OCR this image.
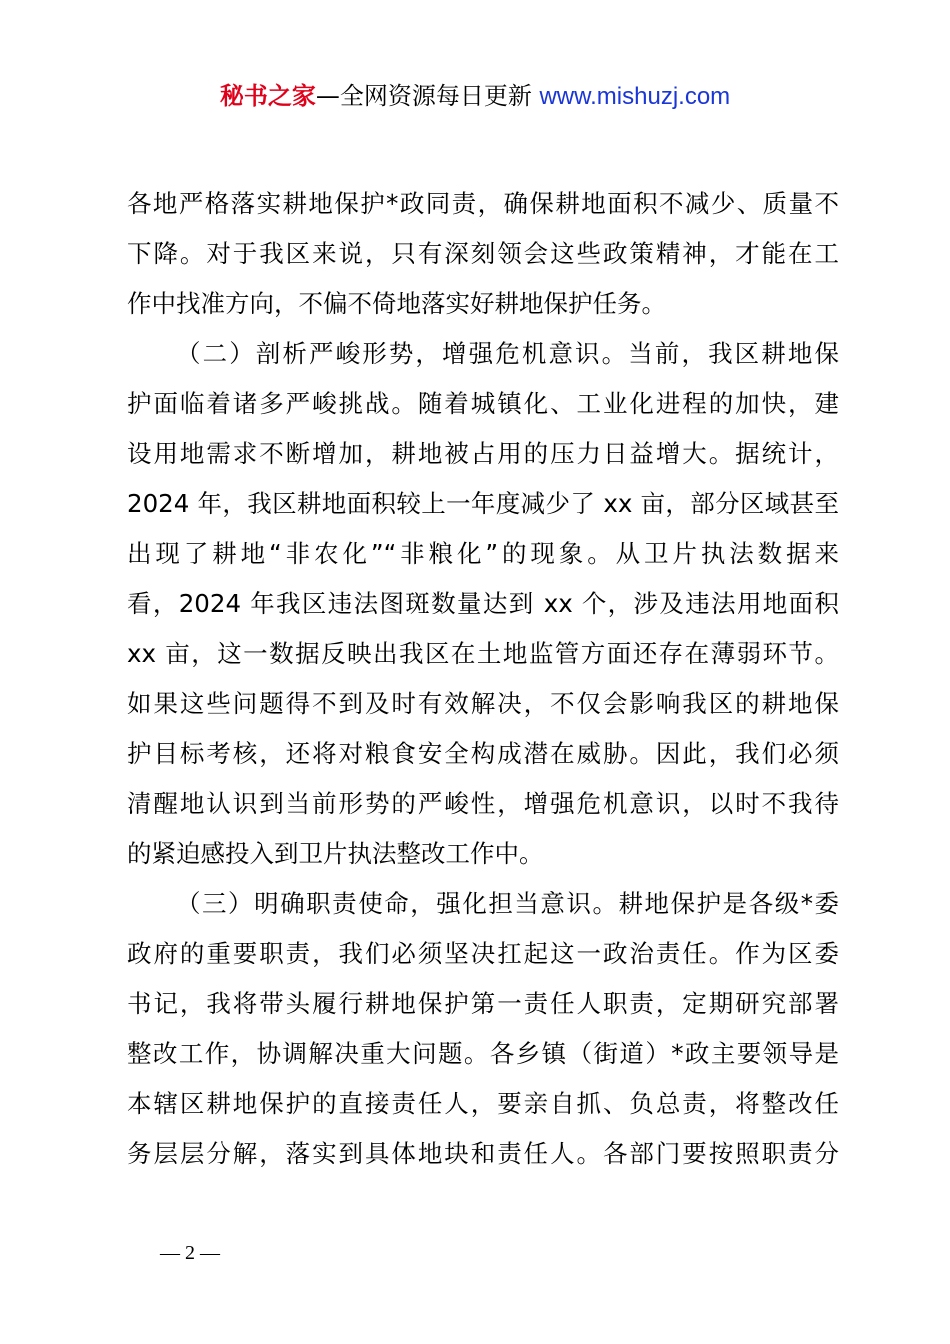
秘书之家—全网资源每日更新 www.mishuzj.com
各地严格落实耕地保护*政同责，确保耕地面积不减少、质量不
下降。对于我区来说，只有深刻领会这些政策精神，才能在工
作中找准方向，不偏不倚地落实好耕地保护任务。
（二）剖析严峻形势，增强危机意识。当前，我区耕地保
护面临着诸多严峻挑战。随着城镇化、工业化进程的加快，建
设用地需求不断增加，耕地被占用的压力日益增大。据统计，
2024 年，我区耕地面积较上一年度减少了 xx 亩，部分区域甚至
出现了耕地“非农化”“非粮化”的现象。从卫片执法数据来
看，2024 年我区违法图斑数量达到 xx 个，涉及违法用地面积
xx 亩，这一数据反映出我区在土地监管方面还存在薄弱环节。
如果这些问题得不到及时有效解决，不仅会影响我区的耕地保
护目标考核，还将对粮食安全构成潜在威胁。因此，我们必须
清醒地认识到当前形势的严峻性，增强危机意识，以时不我待
的紧迫感投入到卫片执法整改工作中。
（三）明确职责使命，强化担当意识。耕地保护是各级*委
政府的重要职责，我们必须坚决扛起这一政治责任。作为区委
书记，我将带头履行耕地保护第一责任人职责，定期研究部署
整改工作，协调解决重大问题。各乡镇（街道）*政主要领导是
本辖区耕地保护的直接责任人，要亲自抓、负总责，将整改任
务层层分解，落实到具体地块和责任人。各部门要按照职责分
— 2 —
